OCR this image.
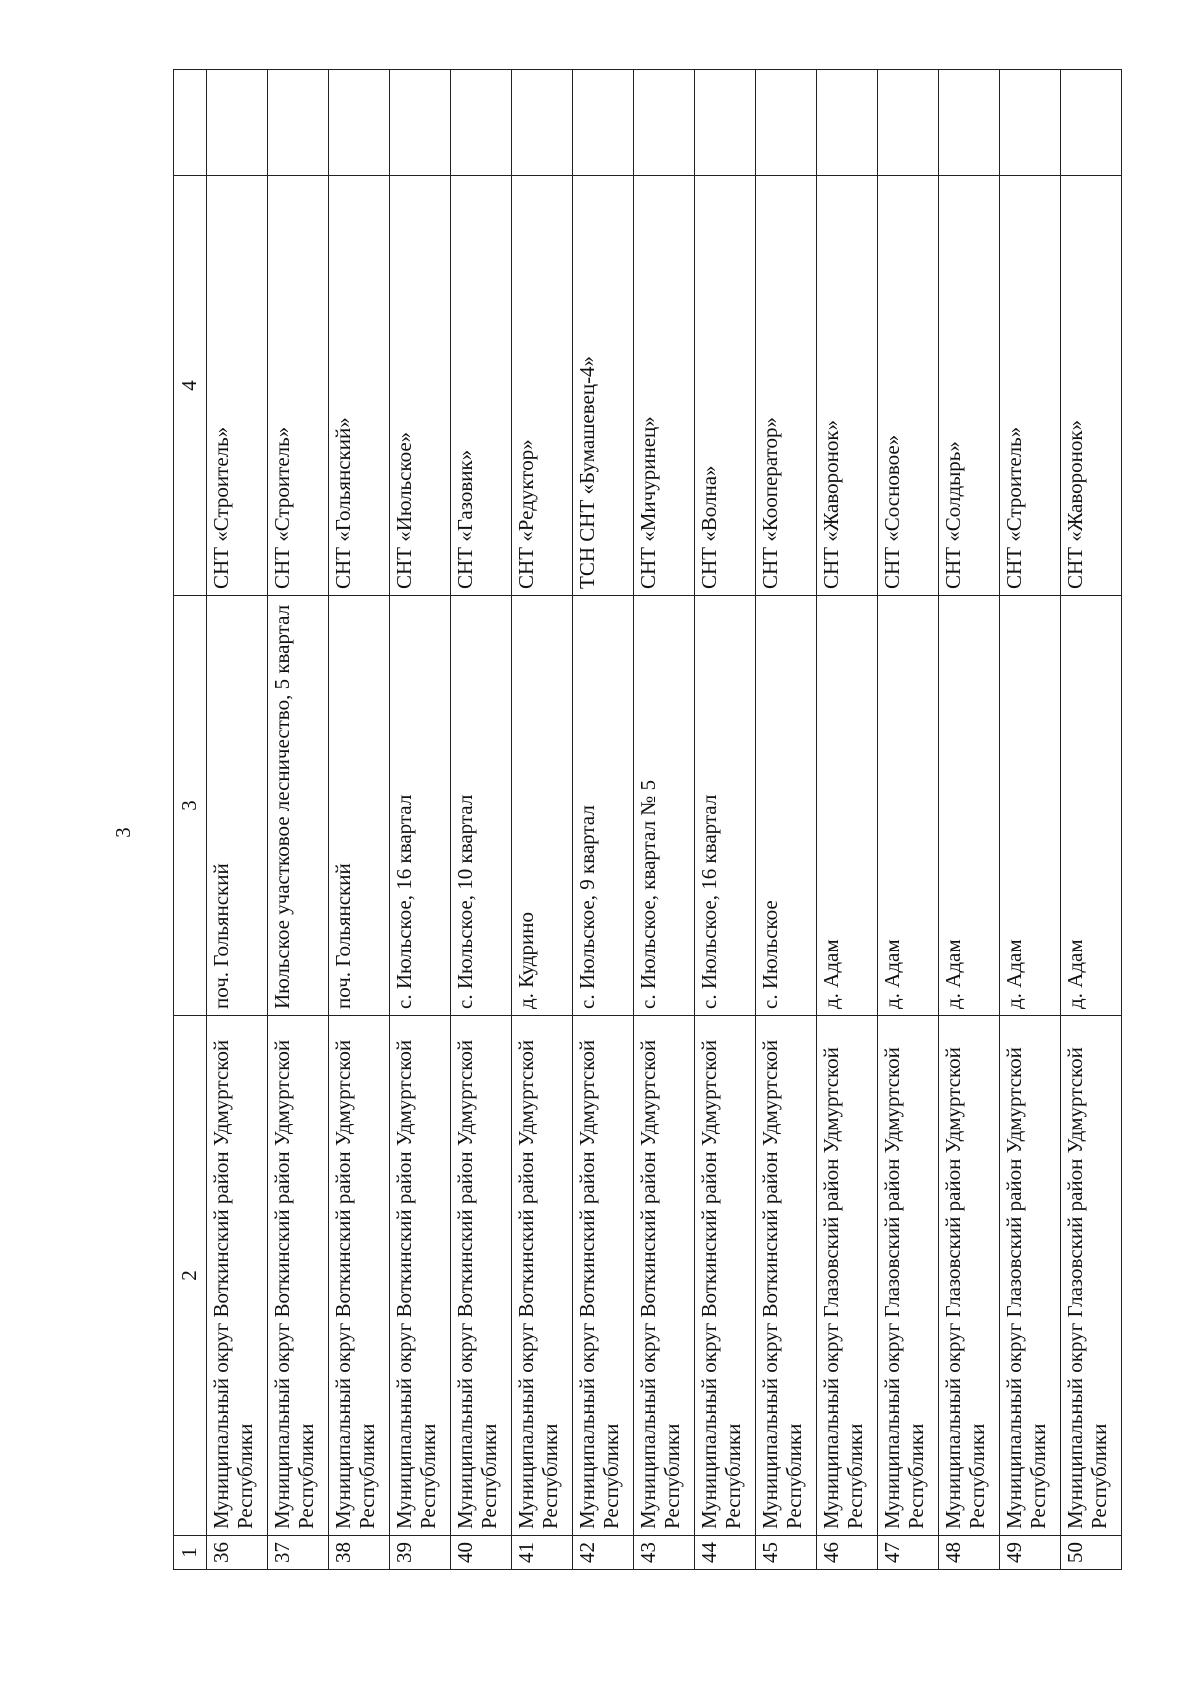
3
1	2	3	4	
36	Муниципальный округ Воткинский район Удмуртской Республики	поч. Гольянский	СНТ «Строитель»	
37	Муниципальный округ Воткинский район Удмуртской Республики	Июльское участковое лесничество, 5 квартал	СНТ «Строитель»	
38	Муниципальный округ Воткинский район Удмуртской Республики	поч. Гольянский	СНТ «Гольянский»	
39	Муниципальный округ Воткинский район Удмуртской Республики	с. Июльское, 16 квартал	СНТ «Июльское»	
40	Муниципальный округ Воткинский район Удмуртской Республики	с. Июльское, 10 квартал	СНТ «Газовик»	
41	Муниципальный округ Воткинский район Удмуртской Республики	д. Кудрино	СНТ «Редуктор»	
42	Муниципальный округ Воткинский район Удмуртской Республики	с. Июльское, 9 квартал	ТСН СНТ «Бумашевец-4»	
43	Муниципальный округ Воткинский район Удмуртской Республики	с. Июльское, квартал № 5	СНТ «Мичуринец»	
44	Муниципальный округ Воткинский район Удмуртской Республики	с. Июльское, 16 квартал	СНТ «Волна»	
45	Муниципальный округ Воткинский район Удмуртской Республики	с. Июльское	СНТ «Кооператор»	
46	Муниципальный округ Глазовский район Удмуртской Республики	д. Адам	СНТ «Жаворонок»	
47	Муниципальный округ Глазовский район Удмуртской Республики	д. Адам	СНТ «Сосновое»	
48	Муниципальный округ Глазовский район Удмуртской Республики	д. Адам	СНТ «Солдырь»	
49	Муниципальный округ Глазовский район Удмуртской Республики	д. Адам	СНТ «Строитель»	
50	Муниципальный округ Глазовский район Удмуртской Республики	д. Адам	СНТ «Жаворонок»	
